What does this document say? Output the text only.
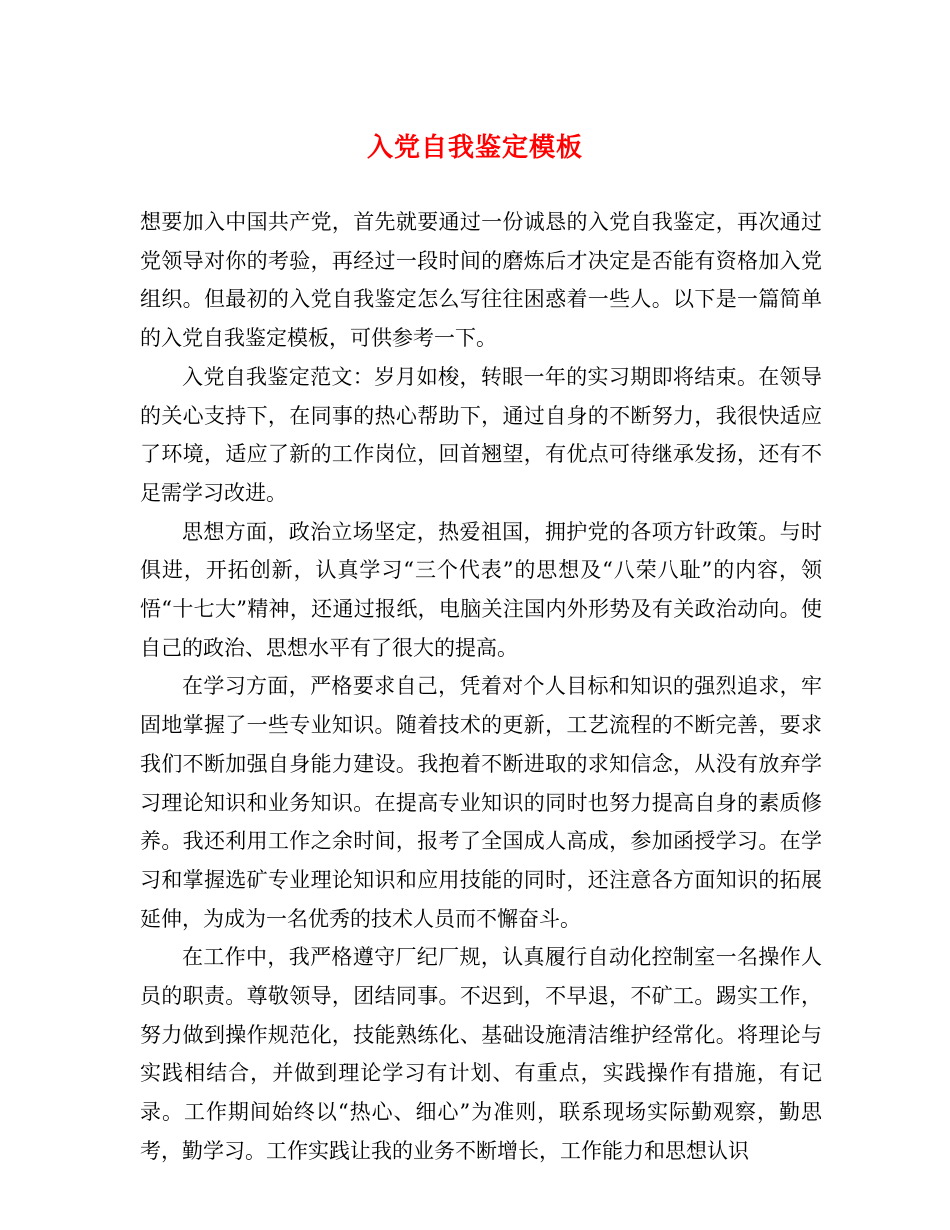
入党自我鉴定模板

想要加入中国共产党，首先就要通过一份诚恳的入党自我鉴定，再次通过党领导对你的考验，再经过一段时间的磨炼后才决定是否能有资格加入党组织。但最初的入党自我鉴定怎么写往往困惑着一些人。以下是一篇简单的入党自我鉴定模板，可供参考一下。

入党自我鉴定范文：岁月如梭，转眼一年的实习期即将结束。在领导的关心支持下，在同事的热心帮助下，通过自身的不断努力，我很快适应了环境，适应了新的工作岗位，回首翘望，有优点可待继承发扬，还有不足需学习改进。

思想方面，政治立场坚定，热爱祖国，拥护党的各项方针政策。与时俱进，开拓创新，认真学习“三个代表”的思想及“八荣八耻”的内容，领悟“十七大”精神，还通过报纸，电脑关注国内外形势及有关政治动向。使自己的政治、思想水平有了很大的提高。

在学习方面，严格要求自己，凭着对个人目标和知识的强烈追求，牢固地掌握了一些专业知识。随着技术的更新，工艺流程的不断完善，要求我们不断加强自身能力建设。我抱着不断进取的求知信念，从没有放弃学习理论知识和业务知识。在提高专业知识的同时也努力提高自身的素质修养。我还利用工作之余时间，报考了全国成人高成，参加函授学习。在学习和掌握选矿专业理论知识和应用技能的同时，还注意各方面知识的拓展延伸，为成为一名优秀的技术人员而不懈奋斗。

在工作中，我严格遵守厂纪厂规，认真履行自动化控制室一名操作人员的职责。尊敬领导，团结同事。不迟到，不早退，不矿工。踢实工作，努力做到操作规范化，技能熟练化、基础设施清洁维护经常化。将理论与实践相结合，并做到理论学习有计划、有重点，实践操作有措施，有记录。工作期间始终以“热心、细心”为准则，联系现场实际勤观察，勤思考，勤学习。工作实践让我的业务不断增长，工作能力和思想认识
